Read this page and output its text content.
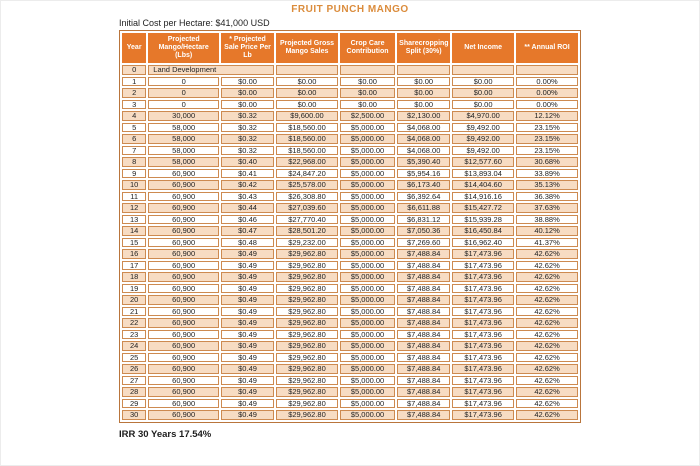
FRUIT PUNCH MANGO
Initial Cost per Hectare: $41,000 USD
Year	Projected Mango/Hectare (Lbs)	* Projected Sale Price Per Lb	Projected Gross Mango Sales	Crop Care Contribution	Sharecropping Split (30%)	Net Income	** Annual ROI
0	Land Development						
1	0	$0.00	$0.00	$0.00	$0.00	$0.00	0.00%
2	0	$0.00	$0.00	$0.00	$0.00	$0.00	0.00%
3	0	$0.00	$0.00	$0.00	$0.00	$0.00	0.00%
4	30,000	$0.32	$9,600.00	$2,500.00	$2,130.00	$4,970.00	12.12%
5	58,000	$0.32	$18,560.00	$5,000.00	$4,068.00	$9,492.00	23.15%
6	58,000	$0.32	$18,560.00	$5,000.00	$4,068.00	$9,492.00	23.15%
7	58,000	$0.32	$18,560.00	$5,000.00	$4,068.00	$9,492.00	23.15%
8	58,000	$0.40	$22,968.00	$5,000.00	$5,390.40	$12,577.60	30.68%
9	60,900	$0.41	$24,847.20	$5,000.00	$5,954.16	$13,893.04	33.89%
10	60,900	$0.42	$25,578.00	$5,000.00	$6,173.40	$14,404.60	35.13%
11	60,900	$0.43	$26,308.80	$5,000.00	$6,392.64	$14,916.16	36.38%
12	60,900	$0.44	$27,039.60	$5,000.00	$6,611.88	$15,427.72	37.63%
13	60,900	$0.46	$27,770.40	$5,000.00	$6,831.12	$15,939.28	38.88%
14	60,900	$0.47	$28,501.20	$5,000.00	$7,050.36	$16,450.84	40.12%
15	60,900	$0.48	$29,232.00	$5,000.00	$7,269.60	$16,962.40	41.37%
16	60,900	$0.49	$29,962.80	$5,000.00	$7,488.84	$17,473.96	42.62%
17	60,900	$0.49	$29,962.80	$5,000.00	$7,488.84	$17,473.96	42.62%
18	60,900	$0.49	$29,962.80	$5,000.00	$7,488.84	$17,473.96	42.62%
19	60,900	$0.49	$29,962.80	$5,000.00	$7,488.84	$17,473.96	42.62%
20	60,900	$0.49	$29,962.80	$5,000.00	$7,488.84	$17,473.96	42.62%
21	60,900	$0.49	$29,962.80	$5,000.00	$7,488.84	$17,473.96	42.62%
22	60,900	$0.49	$29,962.80	$5,000.00	$7,488.84	$17,473.96	42.62%
23	60,900	$0.49	$29,962.80	$5,000.00	$7,488.84	$17,473.96	42.62%
24	60,900	$0.49	$29,962.80	$5,000.00	$7,488.84	$17,473.96	42.62%
25	60,900	$0.49	$29,962.80	$5,000.00	$7,488.84	$17,473.96	42.62%
26	60,900	$0.49	$29,962.80	$5,000.00	$7,488.84	$17,473.96	42.62%
27	60,900	$0.49	$29,962.80	$5,000.00	$7,488.84	$17,473.96	42.62%
28	60,900	$0.49	$29,962.80	$5,000.00	$7,488.84	$17,473.96	42.62%
29	60,900	$0.49	$29,962.80	$5,000.00	$7,488.84	$17,473.96	42.62%
30	60,900	$0.49	$29,962.80	$5,000.00	$7,488.84	$17,473.96	42.62%
IRR 30 Years 17.54%
